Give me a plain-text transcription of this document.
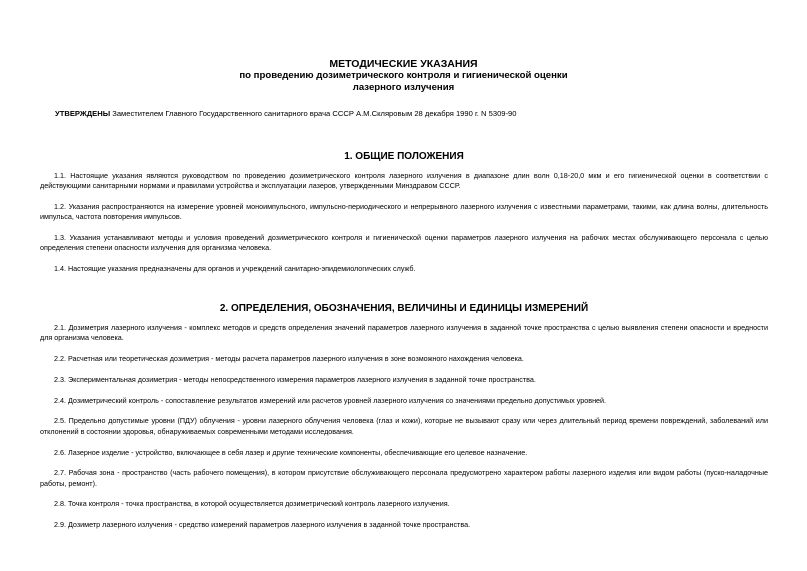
МЕТОДИЧЕСКИЕ УКАЗАНИЯ
по проведению дозиметрического контроля и гигиенической оценки
лазерного излучения
УТВЕРЖДЕНЫ Заместителем Главного Государственного санитарного врача СССР А.М.Скляровым 28 декабря 1990 г. N 5309-90
1. ОБЩИЕ ПОЛОЖЕНИЯ

1.1. Настоящие указания являются руководством по проведению дозиметрического контроля лазерного излучения в диапазоне длин волн 0,18-20,0 мкм и его гигиенической оценки в соответствии с действующими санитарными нормами и правилами устройства и эксплуатации лазеров, утвержденными Минздравом СССР.

1.2. Указания распространяются на измерение уровней моноимпульсного, импульсно-периодического и непрерывного лазерного излучения с известными параметрами, такими, как длина волны, длительность импульса, частота повторения импульсов.

1.3. Указания устанавливают методы и условия проведений дозиметрического контроля и гигиенической оценки параметров лазерного излучения на рабочих местах обслуживающего персонала с целью определения степени опасности излучения для организма человека.

1.4. Настоящие указания предназначены для органов и учреждений санитарно-эпидемиологических служб.

2. ОПРЕДЕЛЕНИЯ, ОБОЗНАЧЕНИЯ, ВЕЛИЧИНЫ И ЕДИНИЦЫ ИЗМЕРЕНИЙ

2.1. Дозиметрия лазерного излучения - комплекс методов и средств определения значений параметров лазерного излучения в заданной точке пространства с целью выявления степени опасности и вредности для организма человека.

2.2. Расчетная или теоретическая дозиметрия - методы расчета параметров лазерного излучения в зоне возможного нахождения человека.

2.3. Экспериментальная дозиметрия - методы непосредственного измерения параметров лазерного излучения в заданной точке пространства.

2.4. Дозиметрический контроль - сопоставление результатов измерений или расчетов уровней лазерного излучения со значениями предельно допустимых уровней.

2.5. Предельно допустимые уровни (ПДУ) облучения - уровни лазерного облучения человека (глаз и кожи), которые не вызывают сразу или через длительный период времени повреждений, заболеваний или отклонений в состоянии здоровья, обнаруживаемых современными методами исследования.

2.6. Лазерное изделие - устройство, включающее в себя лазер и другие технические компоненты, обеспечивающие его целевое назначение.

2.7. Рабочая зона - пространство (часть рабочего помещения), в котором присутствие обслуживающего персонала предусмотрено характером работы лазерного изделия или видом работы (пуско-наладочные работы, ремонт).

2.8. Точка контроля - точка пространства, в которой осуществляется дозиметрический контроль лазерного излучения.

2.9. Дозиметр лазерного излучения - средство измерений параметров лазерного излучения в заданной точке пространства.
